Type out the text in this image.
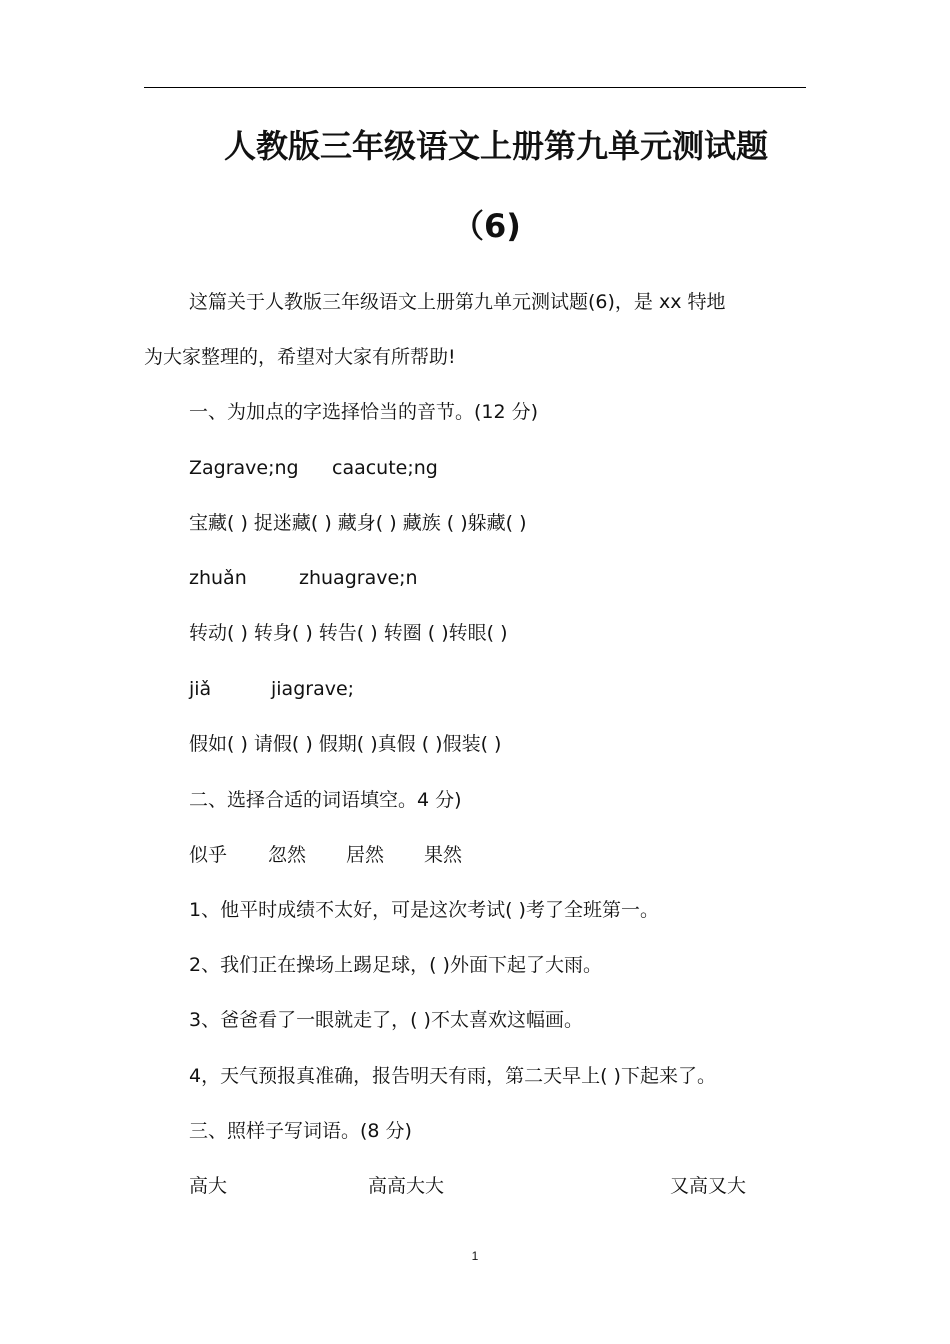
人教版三年级语文上册第九单元测试题
（6)
这篇关于人教版三年级语文上册第九单元测试题(6)，是 xx 特地
为大家整理的，希望对大家有所帮助!
一、为加点的字选择恰当的音节。(12 分)
Zagrave;ng caacute;ng
宝藏( ) 捉迷藏( ) 藏身( ) 藏族 ( )躲藏( )
zhuǎn	zhuagrave;n
转动( ) 转身( ) 转告( ) 转圈 ( )转眼( )
jiǎ	jiagrave;
假如( ) 请假( ) 假期( )真假 ( )假装( )
二、选择合适的词语填空。4 分)
似乎 忽然 居然 果然
1、他平时成绩不太好，可是这次考试( )考了全班第一。
2、我们正在操场上踢足球，( )外面下起了大雨。
3、爸爸看了一眼就走了，( )不太喜欢这幅画。
4，天气预报真准确，报告明天有雨，第二天早上( )下起来了。
三、照样子写词语。(8 分)
高大	高高大大	又高又大
1
